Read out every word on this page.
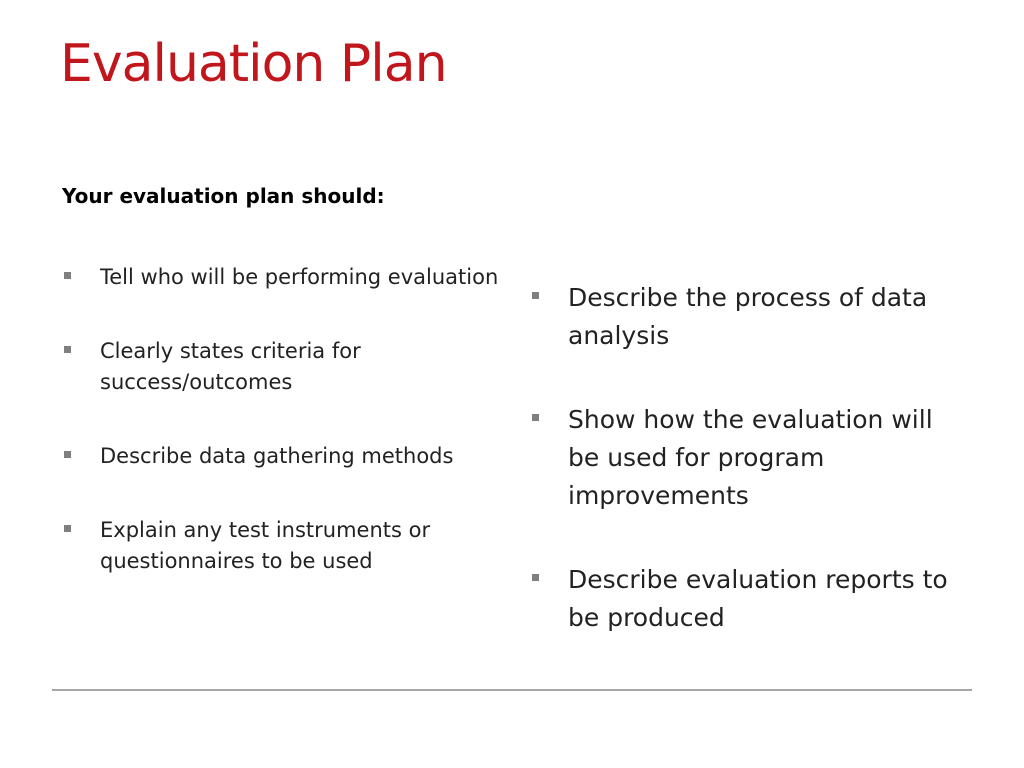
Evaluation Plan

Your evaluation plan should:

Tell who will be performing evaluation
Clearly states criteria for success/outcomes
Describe data gathering methods
Explain any test instruments or questionnaires to be used
Describe the process of data analysis
Show how the evaluation will be used for program improvements
Describe evaluation reports to be produced
